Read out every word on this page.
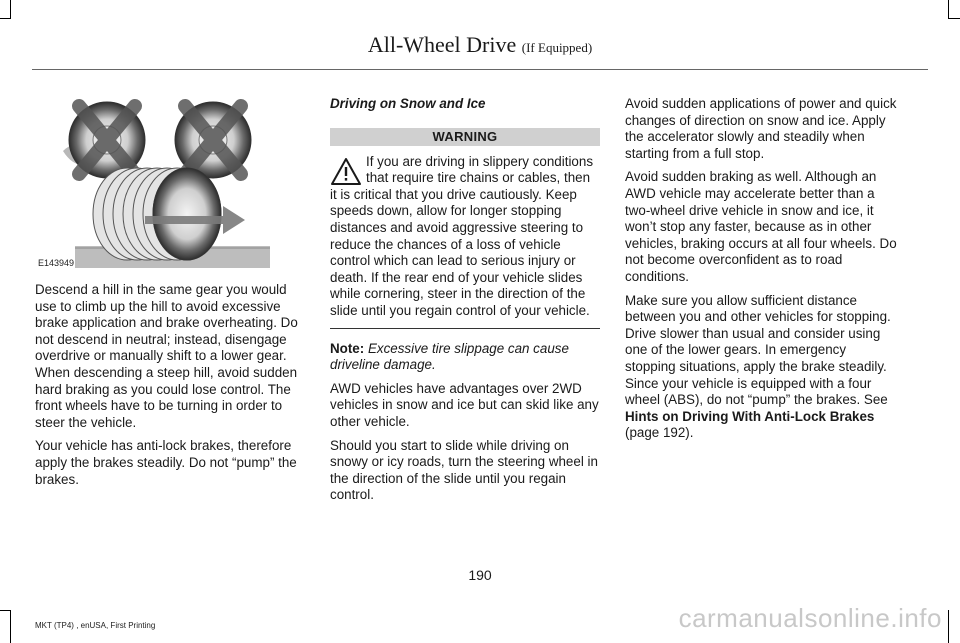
All-Wheel Drive (If Equipped)
E143949

Descend a hill in the same gear you would use to climb up the hill to avoid excessive brake application and brake overheating. Do not descend in neutral; instead, disengage overdrive or manually shift to a lower gear. When descending a steep hill, avoid sudden hard braking as you could lose control. The front wheels have to be turning in order to steer the vehicle.

Your vehicle has anti-lock brakes, therefore apply the brakes steadily. Do not “pump” the brakes.

Driving on Snow and Ice

WARNING

If you are driving in slippery conditions that require tire chains or cables, then it is critical that you drive cautiously. Keep speeds down, allow for longer stopping distances and avoid aggressive steering to reduce the chances of a loss of vehicle control which can lead to serious injury or death. If the rear end of your vehicle slides while cornering, steer in the direction of the slide until you regain control of your vehicle.

Note: Excessive tire slippage can cause driveline damage.

AWD vehicles have advantages over 2WD vehicles in snow and ice but can skid like any other vehicle.

Should you start to slide while driving on snowy or icy roads, turn the steering wheel in the direction of the slide until you regain control.

Avoid sudden applications of power and quick changes of direction on snow and ice. Apply the accelerator slowly and steadily when starting from a full stop.

Avoid sudden braking as well. Although an AWD vehicle may accelerate better than a two-wheel drive vehicle in snow and ice, it won’t stop any faster, because as in other vehicles, braking occurs at all four wheels. Do not become overconfident as to road conditions.

Make sure you allow sufficient distance between you and other vehicles for stopping. Drive slower than usual and consider using one of the lower gears. In emergency stopping situations, apply the brake steadily. Since your vehicle is equipped with a four wheel (ABS), do not “pump” the brakes. See Hints on Driving With Anti-Lock Brakes (page 192).

190
MKT (TP4) , enUSA, First Printing	carmanualsonline.info
